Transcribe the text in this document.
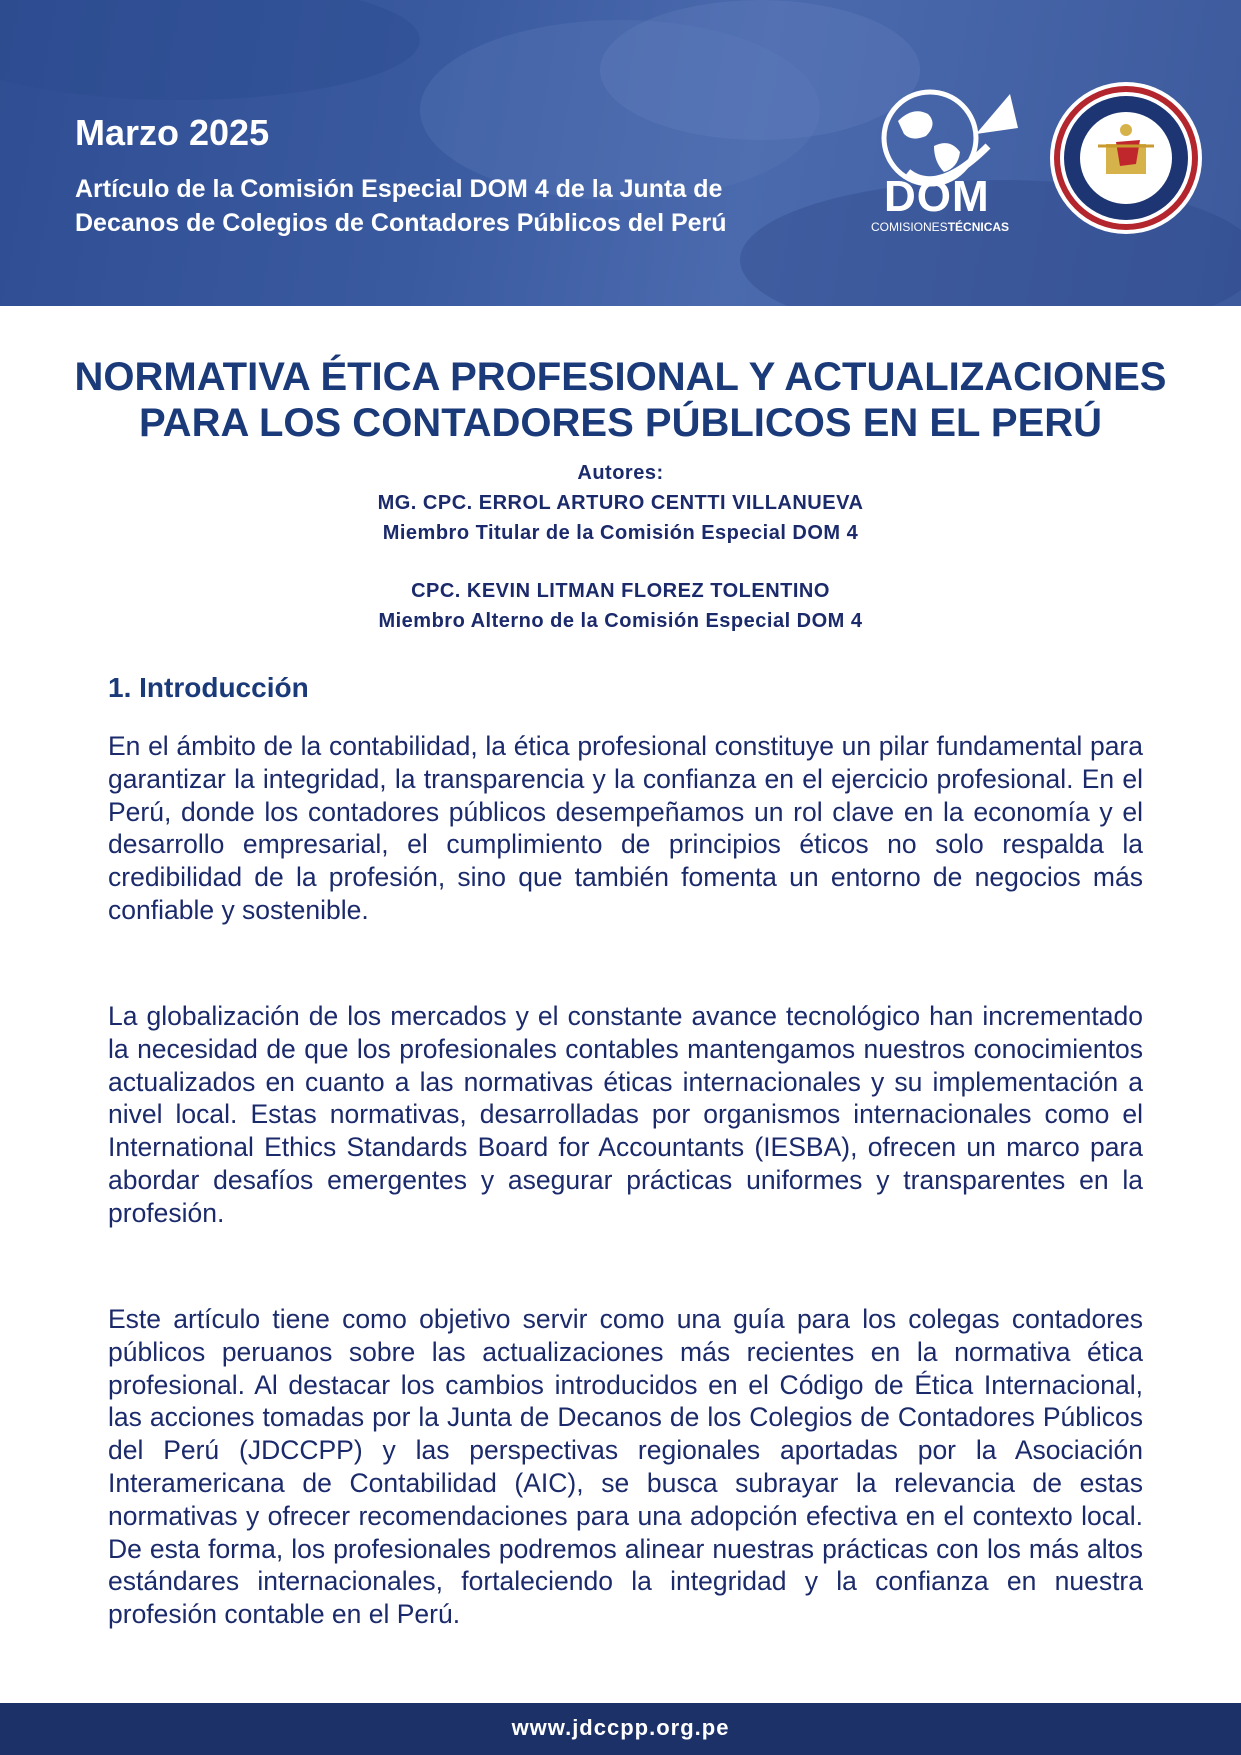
Marzo 2025
Artículo de la Comisión Especial DOM 4 de la Junta de Decanos de Colegios de Contadores Públicos del Perú
DOM
COMISIONESTÉCNICAS
NORMATIVA ÉTICA PROFESIONAL Y ACTUALIZACIONES
PARA LOS CONTADORES PÚBLICOS EN EL PERÚ
Autores:
MG. CPC. ERROL ARTURO CENTTI VILLANUEVA
Miembro Titular de la Comisión Especial DOM 4
CPC. KEVIN LITMAN FLOREZ TOLENTINO
Miembro Alterno de la Comisión Especial DOM 4
1. Introducción
En el ámbito de la contabilidad, la ética profesional constituye un pilar fundamental para garantizar la integridad, la transparencia y la confianza en el ejercicio profesional. En el Perú, donde los contadores públicos desempeñamos un rol clave en la economía y el desarrollo empresarial, el cumplimiento de principios éticos no solo respalda la credibilidad de la profesión, sino que también fomenta un entorno de negocios más confiable y sostenible.
La globalización de los mercados y el constante avance tecnológico han incrementado la necesidad de que los profesionales contables mantengamos nuestros conocimientos actualizados en cuanto a las normativas éticas internacionales y su implementación a nivel local. Estas normativas, desarrolladas por organismos internacionales como el International Ethics Standards Board for Accountants (IESBA), ofrecen un marco para abordar desafíos emergentes y asegurar prácticas uniformes y transparentes en la profesión.
Este artículo tiene como objetivo servir como una guía para los colegas contadores públicos peruanos sobre las actualizaciones más recientes en la normativa ética profesional. Al destacar los cambios introducidos en el Código de Ética Internacional, las acciones tomadas por la Junta de Decanos de los Colegios de Contadores Públicos del Perú (JDCCPP) y las perspectivas regionales aportadas por la Asociación Interamericana de Contabilidad (AIC), se busca subrayar la relevancia de estas normativas y ofrecer recomendaciones para una adopción efectiva en el contexto local. De esta forma, los profesionales podremos alinear nuestras prácticas con los más altos estándares internacionales, fortaleciendo la integridad y la confianza en nuestra profesión contable en el Perú.
www.jdccpp.org.pe
